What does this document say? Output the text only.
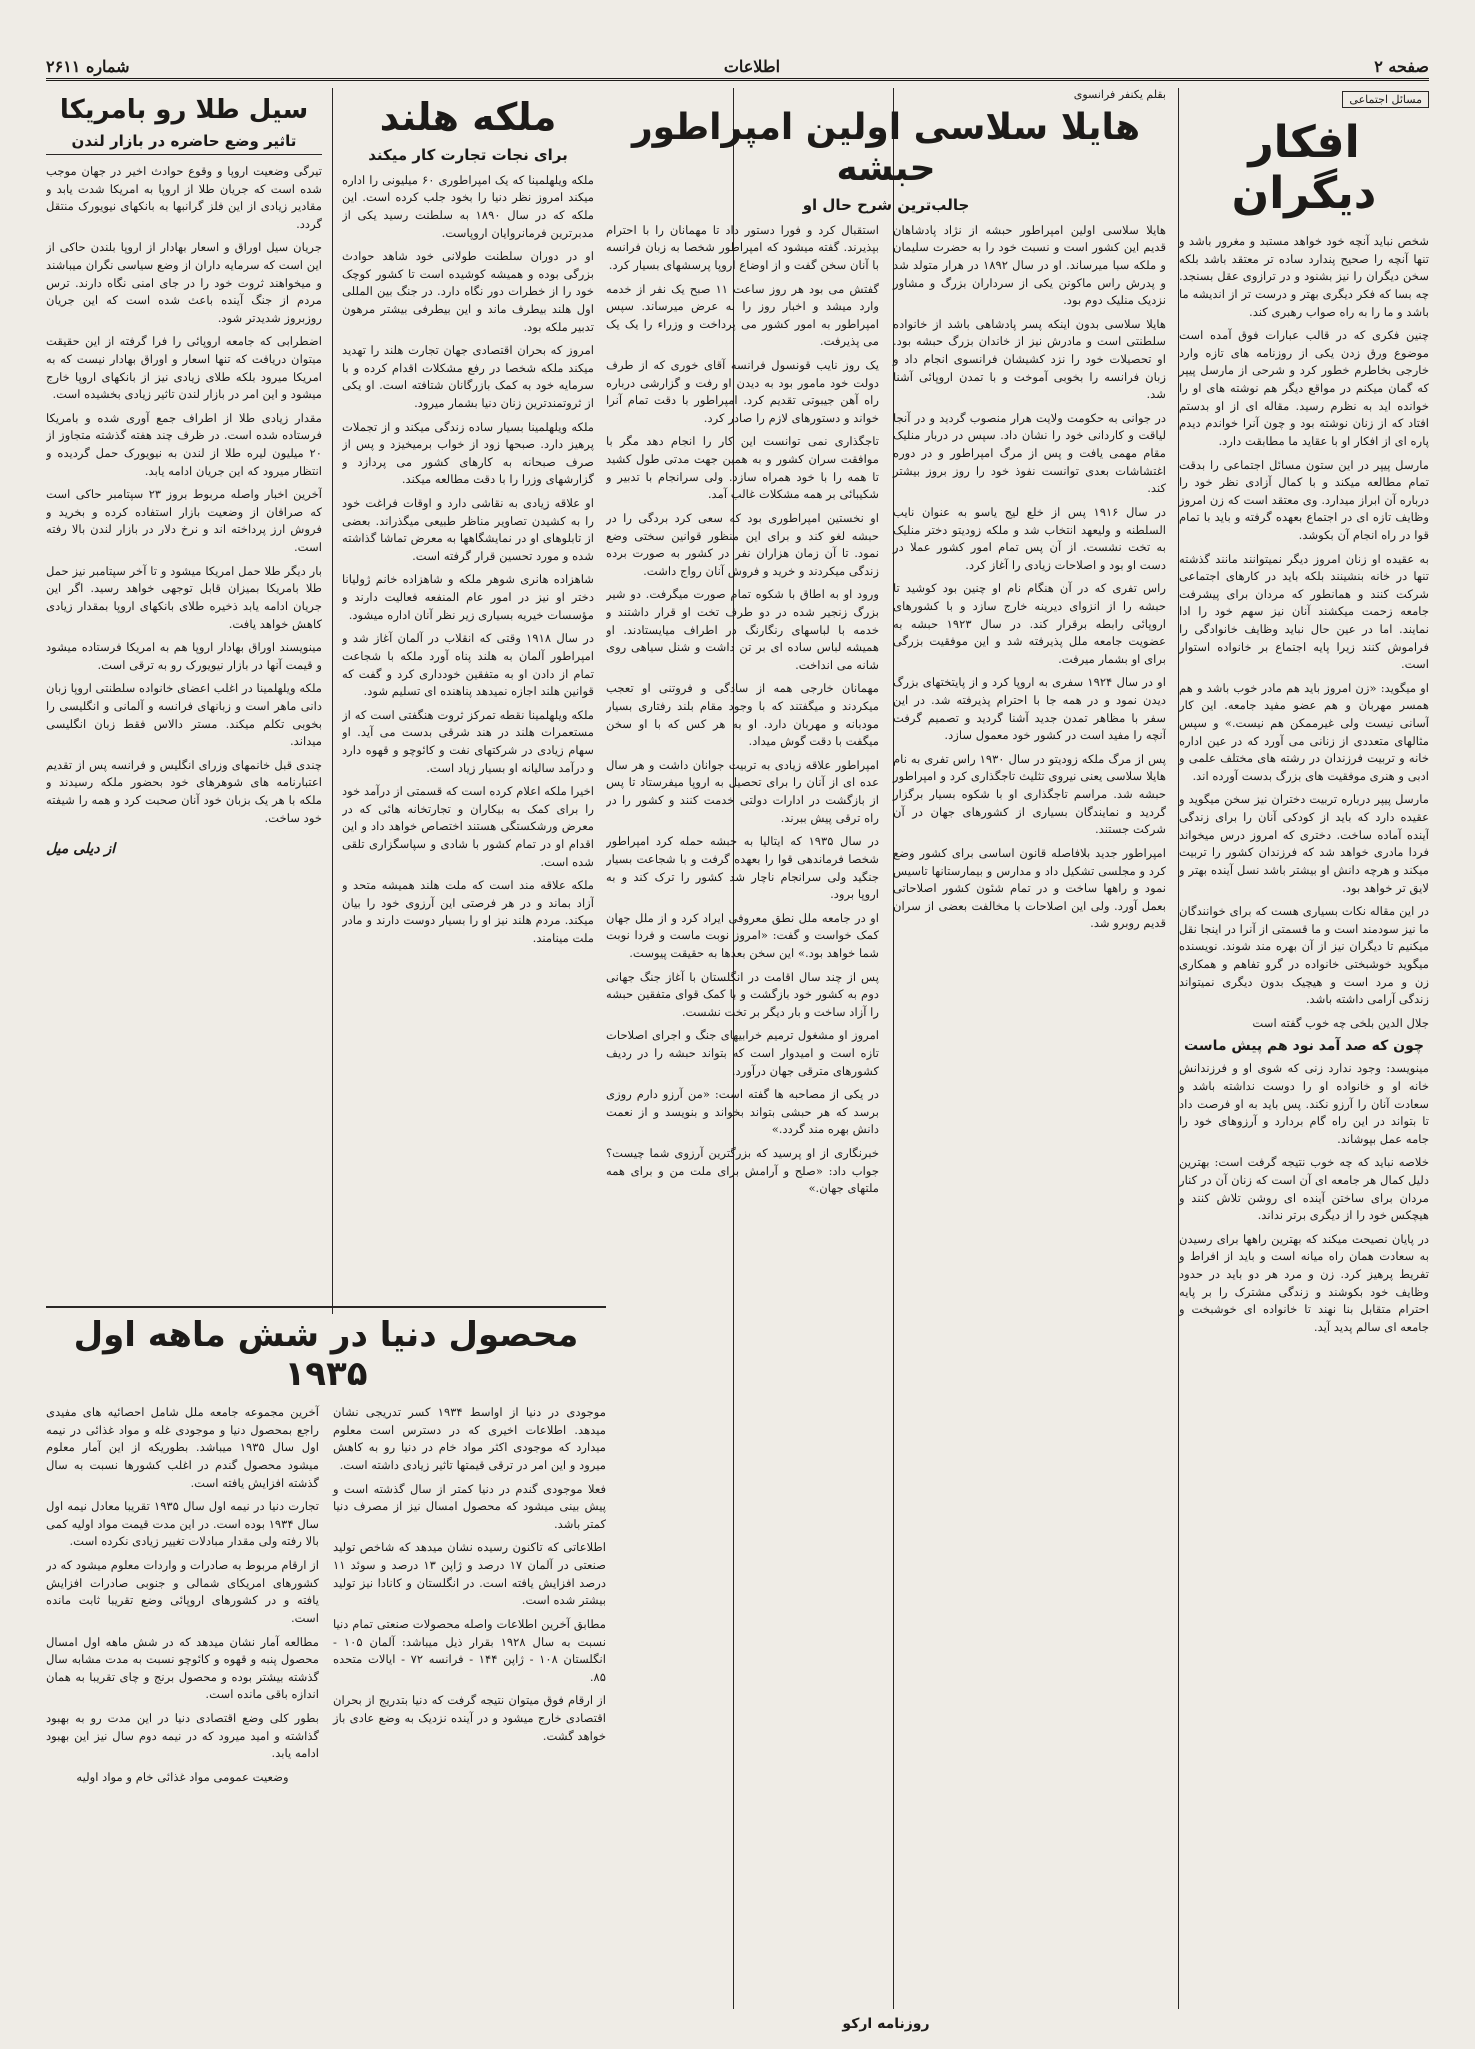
صفحه ۲
اطلاعات
شماره ۲۶۱۱
مسائل اجتماعی
افکار دیگران

شخص نباید آنچه خود خواهد مستبد و مغرور باشد و تنها آنچه را صحیح پندارد ساده تر معتقد باشد بلکه سخن دیگران را نیز بشنود و در ترازوی عقل بسنجد. چه بسا که فکر دیگری بهتر و درست تر از اندیشه ما باشد و ما را به راه صواب رهبری کند.

چنین فکری که در قالب عبارات فوق آمده است موضوع ورق زدن یکی از روزنامه های تازه وارد خارجی بخاطرم خطور کرد و شرحی از مارسل پیپر که گمان میکنم در مواقع دیگر هم نوشته های او را خوانده اید به نظرم رسید. مقاله ای از او بدستم افتاد که از زنان نوشته بود و چون آنرا خواندم دیدم پاره ای از افکار او با عقاید ما مطابقت دارد.

مارسل پیپر در این ستون مسائل اجتماعی را بدقت تمام مطالعه میکند و با کمال آزادی نظر خود را درباره آن ابراز میدارد. وی معتقد است که زن امروز وظایف تازه ای در اجتماع بعهده گرفته و باید با تمام قوا در راه انجام آن بکوشد.

به عقیده او زنان امروز دیگر نمیتوانند مانند گذشته تنها در خانه بنشینند بلکه باید در کارهای اجتماعی شرکت کنند و همانطور که مردان برای پیشرفت جامعه زحمت میکشند آنان نیز سهم خود را ادا نمایند. اما در عین حال نباید وظایف خانوادگی را فراموش کنند زیرا پایه اجتماع بر خانواده استوار است.

او میگوید: «زن امروز باید هم مادر خوب باشد و هم همسر مهربان و هم عضو مفید جامعه. این کار آسانی نیست ولی غیرممکن هم نیست.» و سپس مثالهای متعددی از زنانی می آورد که در عین اداره خانه و تربیت فرزندان در رشته های مختلف علمی و ادبی و هنری موفقیت های بزرگ بدست آورده اند.

مارسل پیپر درباره تربیت دختران نیز سخن میگوید و عقیده دارد که باید از کودکی آنان را برای زندگی آینده آماده ساخت. دختری که امروز درس میخواند فردا مادری خواهد شد که فرزندان کشور را تربیت میکند و هرچه دانش او بیشتر باشد نسل آینده بهتر و لایق تر خواهد بود.

در این مقاله نکات بسیاری هست که برای خوانندگان ما نیز سودمند است و ما قسمتی از آنرا در اینجا نقل میکنیم تا دیگران نیز از آن بهره مند شوند. نویسنده میگوید خوشبختی خانواده در گرو تفاهم و همکاری زن و مرد است و هیچیک بدون دیگری نمیتواند زندگی آرامی داشته باشد.

جلال الدین بلخی چه خوب گفته است

چون که صد آمد نود هم پیش ماست

مینویسد: وجود ندارد زنی که شوی او و فرزندانش خانه او و خانواده او را دوست نداشته باشد و سعادت آنان را آرزو نکند. پس باید به او فرصت داد تا بتواند در این راه گام بردارد و آرزوهای خود را جامه عمل بپوشاند.

خلاصه نباید که چه خوب نتیجه گرفت است: بهترین دلیل کمال هر جامعه ای آن است که زنان آن در کنار مردان برای ساختن آینده ای روشن تلاش کنند و هیچکس خود را از دیگری برتر نداند.

در پایان نصیحت میکند که بهترین راهها برای رسیدن به سعادت همان راه میانه است و باید از افراط و تفریط پرهیز کرد. زن و مرد هر دو باید در حدود وظایف خود بکوشند و زندگی مشترک را بر پایه احترام متقابل بنا نهند تا خانواده ای خوشبخت و جامعه ای سالم پدید آید.

بقلم یکنفر فرانسوی
هایلا سلاسی اولین امپراطور حبشه
جالب‌ترین شرح حال او

هایلا سلاسی اولین امپراطور حبشه از نژاد پادشاهان قدیم این کشور است و نسبت خود را به حضرت سلیمان و ملکه سبا میرساند. او در سال ۱۸۹۲ در هرار متولد شد و پدرش راس ماکونن یکی از سرداران بزرگ و مشاور نزدیک منلیک دوم بود.

هایلا سلاسی بدون اینکه پسر پادشاهی باشد از خانواده سلطنتی است و مادرش نیز از خاندان بزرگ حبشه بود. او تحصیلات خود را نزد کشیشان فرانسوی انجام داد و زبان فرانسه را بخوبی آموخت و با تمدن اروپائی آشنا شد.

در جوانی به حکومت ولایت هرار منصوب گردید و در آنجا لیاقت و کاردانی خود را نشان داد. سپس در دربار منلیک مقام مهمی یافت و پس از مرگ امپراطور و در دوره اغتشاشات بعدی توانست نفوذ خود را روز بروز بیشتر کند.

در سال ۱۹۱۶ پس از خلع لیج یاسو به عنوان نایب السلطنه و ولیعهد انتخاب شد و ملکه زودیتو دختر منلیک به تخت نشست. از آن پس تمام امور کشور عملا در دست او بود و اصلاحات زیادی را آغاز کرد.

راس تفری که در آن هنگام نام او چنین بود کوشید تا حبشه را از انزوای دیرینه خارج سازد و با کشورهای اروپائی رابطه برقرار کند. در سال ۱۹۲۳ حبشه به عضویت جامعه ملل پذیرفته شد و این موفقیت بزرگی برای او بشمار میرفت.

او در سال ۱۹۲۴ سفری به اروپا کرد و از پایتختهای بزرگ دیدن نمود و در همه جا با احترام پذیرفته شد. در این سفر با مظاهر تمدن جدید آشنا گردید و تصمیم گرفت آنچه را مفید است در کشور خود معمول سازد.

پس از مرگ ملکه زودیتو در سال ۱۹۳۰ راس تفری به نام هایلا سلاسی یعنی نیروی تثلیث تاجگذاری کرد و امپراطور حبشه شد. مراسم تاجگذاری او با شکوه بسیار برگزار گردید و نمایندگان بسیاری از کشورهای جهان در آن شرکت جستند.

امپراطور جدید بلافاصله قانون اساسی برای کشور وضع کرد و مجلسی تشکیل داد و مدارس و بیمارستانها تاسیس نمود و راهها ساخت و در تمام شئون کشور اصلاحاتی بعمل آورد. ولی این اصلاحات با مخالفت بعضی از سران قدیم روبرو شد.

استقبال کرد و فورا دستور داد تا مهمانان را با احترام بپذیرند. گفته میشود که امپراطور شخصا به زبان فرانسه با آنان سخن گفت و از اوضاع اروپا پرسشهای بسیار کرد.

گفتش می بود هر روز ساعت ۱۱ صبح یک نفر از خدمه وارد میشد و اخبار روز را به عرض میرساند. سپس امپراطور به امور کشور می پرداخت و وزراء را یک یک می پذیرفت.

یک روز نایب قونسول فرانسه آقای خوری که از طرف دولت خود مامور بود به دیدن او رفت و گزارشی درباره راه آهن جیبوتی تقدیم کرد. امپراطور با دقت تمام آنرا خواند و دستورهای لازم را صادر کرد.

تاجگذاری نمی توانست این کار را انجام دهد مگر با موافقت سران کشور و به همین جهت مدتی طول کشید تا همه را با خود همراه سازد. ولی سرانجام با تدبیر و شکیبائی بر همه مشکلات غالب آمد.

او نخستین امپراطوری بود که سعی کرد بردگی را در حبشه لغو کند و برای این منظور قوانین سختی وضع نمود. تا آن زمان هزاران نفر در کشور به صورت برده زندگی میکردند و خرید و فروش آنان رواج داشت.

ورود او به اطاق با شکوه تمام صورت میگرفت. دو شیر بزرگ زنجیر شده در دو طرف تخت او قرار داشتند و خدمه با لباسهای رنگارنگ در اطراف میایستادند. او همیشه لباس ساده ای بر تن داشت و شنل سیاهی روی شانه می انداخت.

مهمانان خارجی همه از سادگی و فروتنی او تعجب میکردند و میگفتند که با وجود مقام بلند رفتاری بسیار مودبانه و مهربان دارد. او به هر کس که با او سخن میگفت با دقت گوش میداد.

امپراطور علاقه زیادی به تربیت جوانان داشت و هر سال عده ای از آنان را برای تحصیل به اروپا میفرستاد تا پس از بازگشت در ادارات دولتی خدمت کنند و کشور را در راه ترقی پیش ببرند.

در سال ۱۹۳۵ که ایتالیا به حبشه حمله کرد امپراطور شخصا فرماندهی قوا را بعهده گرفت و با شجاعت بسیار جنگید ولی سرانجام ناچار شد کشور را ترک کند و به اروپا برود.

او در جامعه ملل نطق معروفی ایراد کرد و از ملل جهان کمک خواست و گفت: «امروز نوبت ماست و فردا نوبت شما خواهد بود.» این سخن بعدها به حقیقت پیوست.

پس از چند سال اقامت در انگلستان با آغاز جنگ جهانی دوم به کشور خود بازگشت و با کمک قوای متفقین حبشه را آزاد ساخت و بار دیگر بر تخت نشست.

امروز او مشغول ترمیم خرابیهای جنگ و اجرای اصلاحات تازه است و امیدوار است که بتواند حبشه را در ردیف کشورهای مترقی جهان درآورد.

در یکی از مصاحبه ها گفته است: «من آرزو دارم روزی برسد که هر حبشی بتواند بخواند و بنویسد و از نعمت دانش بهره مند گردد.»

خبرنگاری از او پرسید که بزرگترین آرزوی شما چیست؟ جواب داد: «صلح و آرامش برای ملت من و برای همه ملتهای جهان.»

روزنامه ارکو
ملکه هلند
برای نجات تجارت کار میکند

ملکه ویلهلمینا که یک امپراطوری ۶۰ میلیونی را اداره میکند امروز نظر دنیا را بخود جلب کرده است. این ملکه که در سال ۱۸۹۰ به سلطنت رسید یکی از مدبرترین فرمانروایان اروپاست.

او در دوران سلطنت طولانی خود شاهد حوادث بزرگی بوده و همیشه کوشیده است تا کشور کوچک خود را از خطرات دور نگاه دارد. در جنگ بین المللی اول هلند بیطرف ماند و این بیطرفی بیشتر مرهون تدبیر ملکه بود.

امروز که بحران اقتصادی جهان تجارت هلند را تهدید میکند ملکه شخصا در رفع مشکلات اقدام کرده و با سرمایه خود به کمک بازرگانان شتافته است. او یکی از ثروتمندترین زنان دنیا بشمار میرود.

ملکه ویلهلمینا بسیار ساده زندگی میکند و از تجملات پرهیز دارد. صبحها زود از خواب برمیخیزد و پس از صرف صبحانه به کارهای کشور می پردازد و گزارشهای وزرا را با دقت مطالعه میکند.

او علاقه زیادی به نقاشی دارد و اوقات فراغت خود را به کشیدن تصاویر مناظر طبیعی میگذراند. بعضی از تابلوهای او در نمایشگاهها به معرض تماشا گذاشته شده و مورد تحسین قرار گرفته است.

شاهزاده هانری شوهر ملکه و شاهزاده خانم ژولیانا دختر او نیز در امور عام المنفعه فعالیت دارند و مؤسسات خیریه بسیاری زیر نظر آنان اداره میشود.

در سال ۱۹۱۸ وقتی که انقلاب در آلمان آغاز شد و امپراطور آلمان به هلند پناه آورد ملکه با شجاعت تمام از دادن او به متفقین خودداری کرد و گفت که قوانین هلند اجازه نمیدهد پناهنده ای تسلیم شود.

ملکه ویلهلمینا نقطه تمرکز ثروت هنگفتی است که از مستعمرات هلند در هند شرقی بدست می آید. او سهام زیادی در شرکتهای نفت و کائوچو و قهوه دارد و درآمد سالیانه او بسیار زیاد است.

اخیرا ملکه اعلام کرده است که قسمتی از درآمد خود را برای کمک به بیکاران و تجارتخانه هائی که در معرض ورشکستگی هستند اختصاص خواهد داد و این اقدام او در تمام کشور با شادی و سپاسگزاری تلقی شده است.

ملکه علاقه مند است که ملت هلند همیشه متحد و آزاد بماند و در هر فرصتی این آرزوی خود را بیان میکند. مردم هلند نیز او را بسیار دوست دارند و مادر ملت مینامند.

سیل طلا رو بامریکا
تاثیر وضع حاضره در بازار لندن

تیرگی وضعیت اروپا و وقوع حوادث اخیر در جهان موجب شده است که جریان طلا از اروپا به امریکا شدت یابد و مقادیر زیادی از این فلز گرانبها به بانکهای نیویورک منتقل گردد.

جریان سیل اوراق و اسعار بهادار از اروپا بلندن حاکی از این است که سرمایه داران از وضع سیاسی نگران میباشند و میخواهند ثروت خود را در جای امنی نگاه دارند. ترس مردم از جنگ آینده باعث شده است که این جریان روزبروز شدیدتر شود.

اضطرابی که جامعه اروپائی را فرا گرفته از این حقیقت میتوان دریافت که تنها اسعار و اوراق بهادار نیست که به امریکا میرود بلکه طلای زیادی نیز از بانکهای اروپا خارج میشود و این امر در بازار لندن تاثیر زیادی بخشیده است.

مقدار زیادی طلا از اطراف جمع آوری شده و بامریکا فرستاده شده است. در ظرف چند هفته گذشته متجاوز از ۲۰ میلیون لیره طلا از لندن به نیویورک حمل گردیده و انتظار میرود که این جریان ادامه یابد.

آخرین اخبار واصله مربوط بروز ۲۳ سپتامبر حاکی است که صرافان از وضعیت بازار استفاده کرده و بخرید و فروش ارز پرداخته اند و نرخ دلار در بازار لندن بالا رفته است.

بار دیگر طلا حمل امریکا میشود و تا آخر سپتامبر نیز حمل طلا بامریکا بمیزان قابل توجهی خواهد رسید. اگر این جریان ادامه یابد ذخیره طلای بانکهای اروپا بمقدار زیادی کاهش خواهد یافت.

مینویسند اوراق بهادار اروپا هم به امریکا فرستاده میشود و قیمت آنها در بازار نیویورک رو به ترقی است.

ملکه ویلهلمینا در اغلب اعضای خانواده سلطنتی اروپا زبان دانی ماهر است و زبانهای فرانسه و آلمانی و انگلیسی را بخوبی تکلم میکند. مستر دالاس فقط زبان انگلیسی میداند.

چندی قبل خانمهای وزرای انگلیس و فرانسه پس از تقدیم اعتبارنامه های شوهرهای خود بحضور ملکه رسیدند و ملکه با هر یک بزبان خود آنان صحبت کرد و همه را شیفته خود ساخت.

از دیلی میل

محصول دنیا در شش ماهه اول ۱۹۳۵

موجودی در دنیا از اواسط ۱۹۳۴ کسر تدریجی نشان میدهد. اطلاعات اخیری که در دسترس است معلوم میدارد که موجودی اکثر مواد خام در دنیا رو به کاهش میرود و این امر در ترقی قیمتها تاثیر زیادی داشته است.

فعلا موجودی گندم در دنیا کمتر از سال گذشته است و پیش بینی میشود که محصول امسال نیز از مصرف دنیا کمتر باشد.

اطلاعاتی که تاکنون رسیده نشان میدهد که شاخص تولید صنعتی در آلمان ۱۷ درصد و ژاپن ۱۳ درصد و سوئد ۱۱ درصد افزایش یافته است. در انگلستان و کانادا نیز تولید بیشتر شده است.

مطابق آخرین اطلاعات واصله محصولات صنعتی تمام دنیا نسبت به سال ۱۹۲۸ بقرار ذیل میباشد: آلمان ۱۰۵ - انگلستان ۱۰۸ - ژاپن ۱۴۴ - فرانسه ۷۲ - ایالات متحده ۸۵.

از ارقام فوق میتوان نتیجه گرفت که دنیا بتدریج از بحران اقتصادی خارج میشود و در آینده نزدیک به وضع عادی باز خواهد گشت.

آخرین مجموعه جامعه ملل شامل احصائیه های مفیدی راجع بمحصول دنیا و موجودی غله و مواد غذائی در نیمه اول سال ۱۹۳۵ میباشد. بطوریکه از این آمار معلوم میشود محصول گندم در اغلب کشورها نسبت به سال گذشته افزایش یافته است.

تجارت دنیا در نیمه اول سال ۱۹۳۵ تقریبا معادل نیمه اول سال ۱۹۳۴ بوده است. در این مدت قیمت مواد اولیه کمی بالا رفته ولی مقدار مبادلات تغییر زیادی نکرده است.

از ارقام مربوط به صادرات و واردات معلوم میشود که در کشورهای امریکای شمالی و جنوبی صادرات افزایش یافته و در کشورهای اروپائی وضع تقریبا ثابت مانده است.

مطالعه آمار نشان میدهد که در شش ماهه اول امسال محصول پنبه و قهوه و کائوچو نسبت به مدت مشابه سال گذشته بیشتر بوده و محصول برنج و چای تقریبا به همان اندازه باقی مانده است.

بطور کلی وضع اقتصادی دنیا در این مدت رو به بهبود گذاشته و امید میرود که در نیمه دوم سال نیز این بهبود ادامه یابد.

وضعیت عمومی مواد غذائی خام و مواد اولیه
